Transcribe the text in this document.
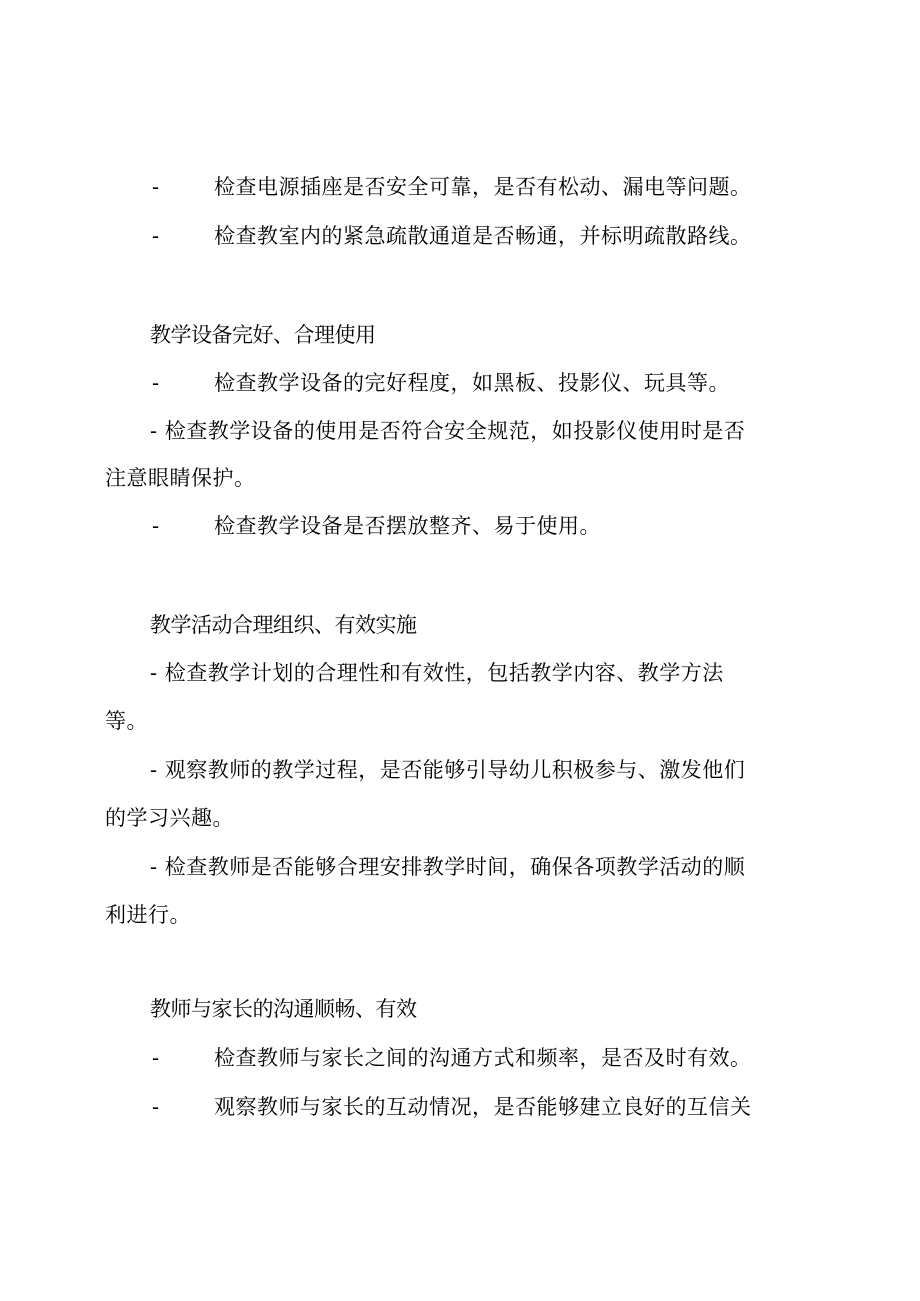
-	检查电源插座是否安全可靠，是否有松动、漏电等问题。
-	检查教室内的紧急疏散通道是否畅通，并标明疏散路线。
教学设备完好、合理使用
-	检查教学设备的完好程度，如黑板、投影仪、玩具等。
- 检查教学设备的使用是否符合安全规范，如投影仪使用时是否
注意眼睛保护。
-	检查教学设备是否摆放整齐、易于使用。
教学活动合理组织、有效实施
- 检查教学计划的合理性和有效性，包括教学内容、教学方法
等。
- 观察教师的教学过程，是否能够引导幼儿积极参与、激发他们
的学习兴趣。
- 检查教师是否能够合理安排教学时间，确保各项教学活动的顺
利进行。
教师与家长的沟通顺畅、有效
-	检查教师与家长之间的沟通方式和频率，是否及时有效。
-	观察教师与家长的互动情况，是否能够建立良好的互信关
